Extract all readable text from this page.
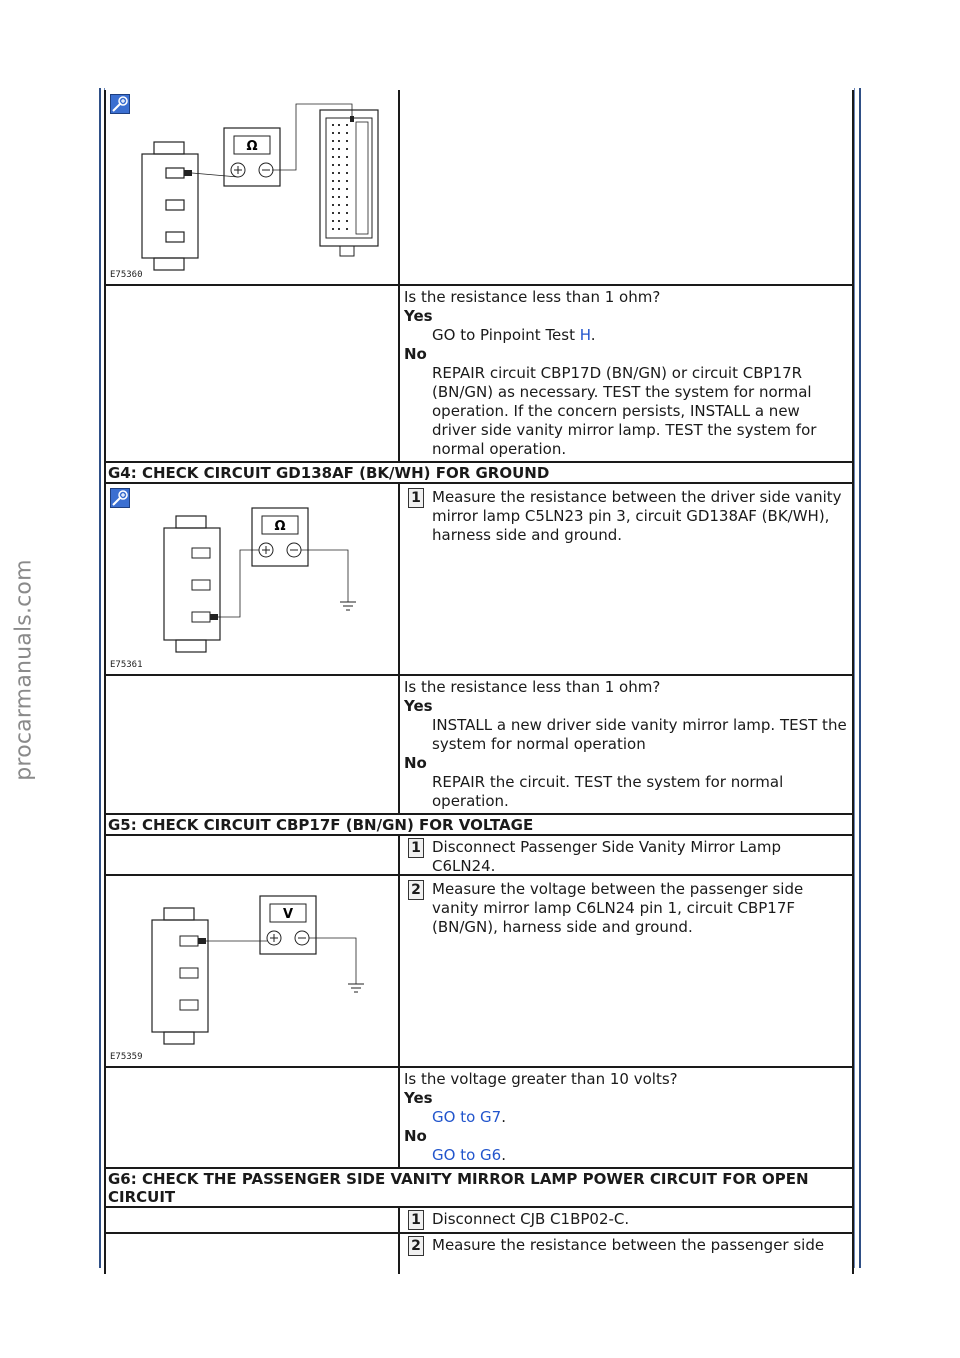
procarmanuals.com
Ω
E75360
Is the resistance less than 1 ohm?
Yes
GO to Pinpoint Test H.
No
REPAIR circuit CBP17D (BN/GN) or circuit CBP17R (BN/GN) as necessary. TEST the system for normal operation. If the concern persists, INSTALL a new driver side vanity mirror lamp. TEST the system for normal operation.
G4: CHECK CIRCUIT GD138AF (BK/WH) FOR GROUND
Ω
E75361
1 Measure the resistance between the driver side vanity mirror lamp C5LN23 pin 3, circuit GD138AF (BK/WH), harness side and ground.
Is the resistance less than 1 ohm?
Yes
INSTALL a new driver side vanity mirror lamp. TEST the system for normal operation
No
REPAIR the circuit. TEST the system for normal operation.
G5: CHECK CIRCUIT CBP17F (BN/GN) FOR VOLTAGE
1 Disconnect Passenger Side Vanity Mirror Lamp C6LN24.
V
E75359
2 Measure the voltage between the passenger side vanity mirror lamp C6LN24 pin 1, circuit CBP17F (BN/GN), harness side and ground.
Is the voltage greater than 10 volts?
Yes
GO to G7.
No
GO to G6.
G6: CHECK THE PASSENGER SIDE VANITY MIRROR LAMP POWER CIRCUIT FOR OPEN CIRCUIT
1 Disconnect CJB C1BP02-C.
2 Measure the resistance between the passenger side
